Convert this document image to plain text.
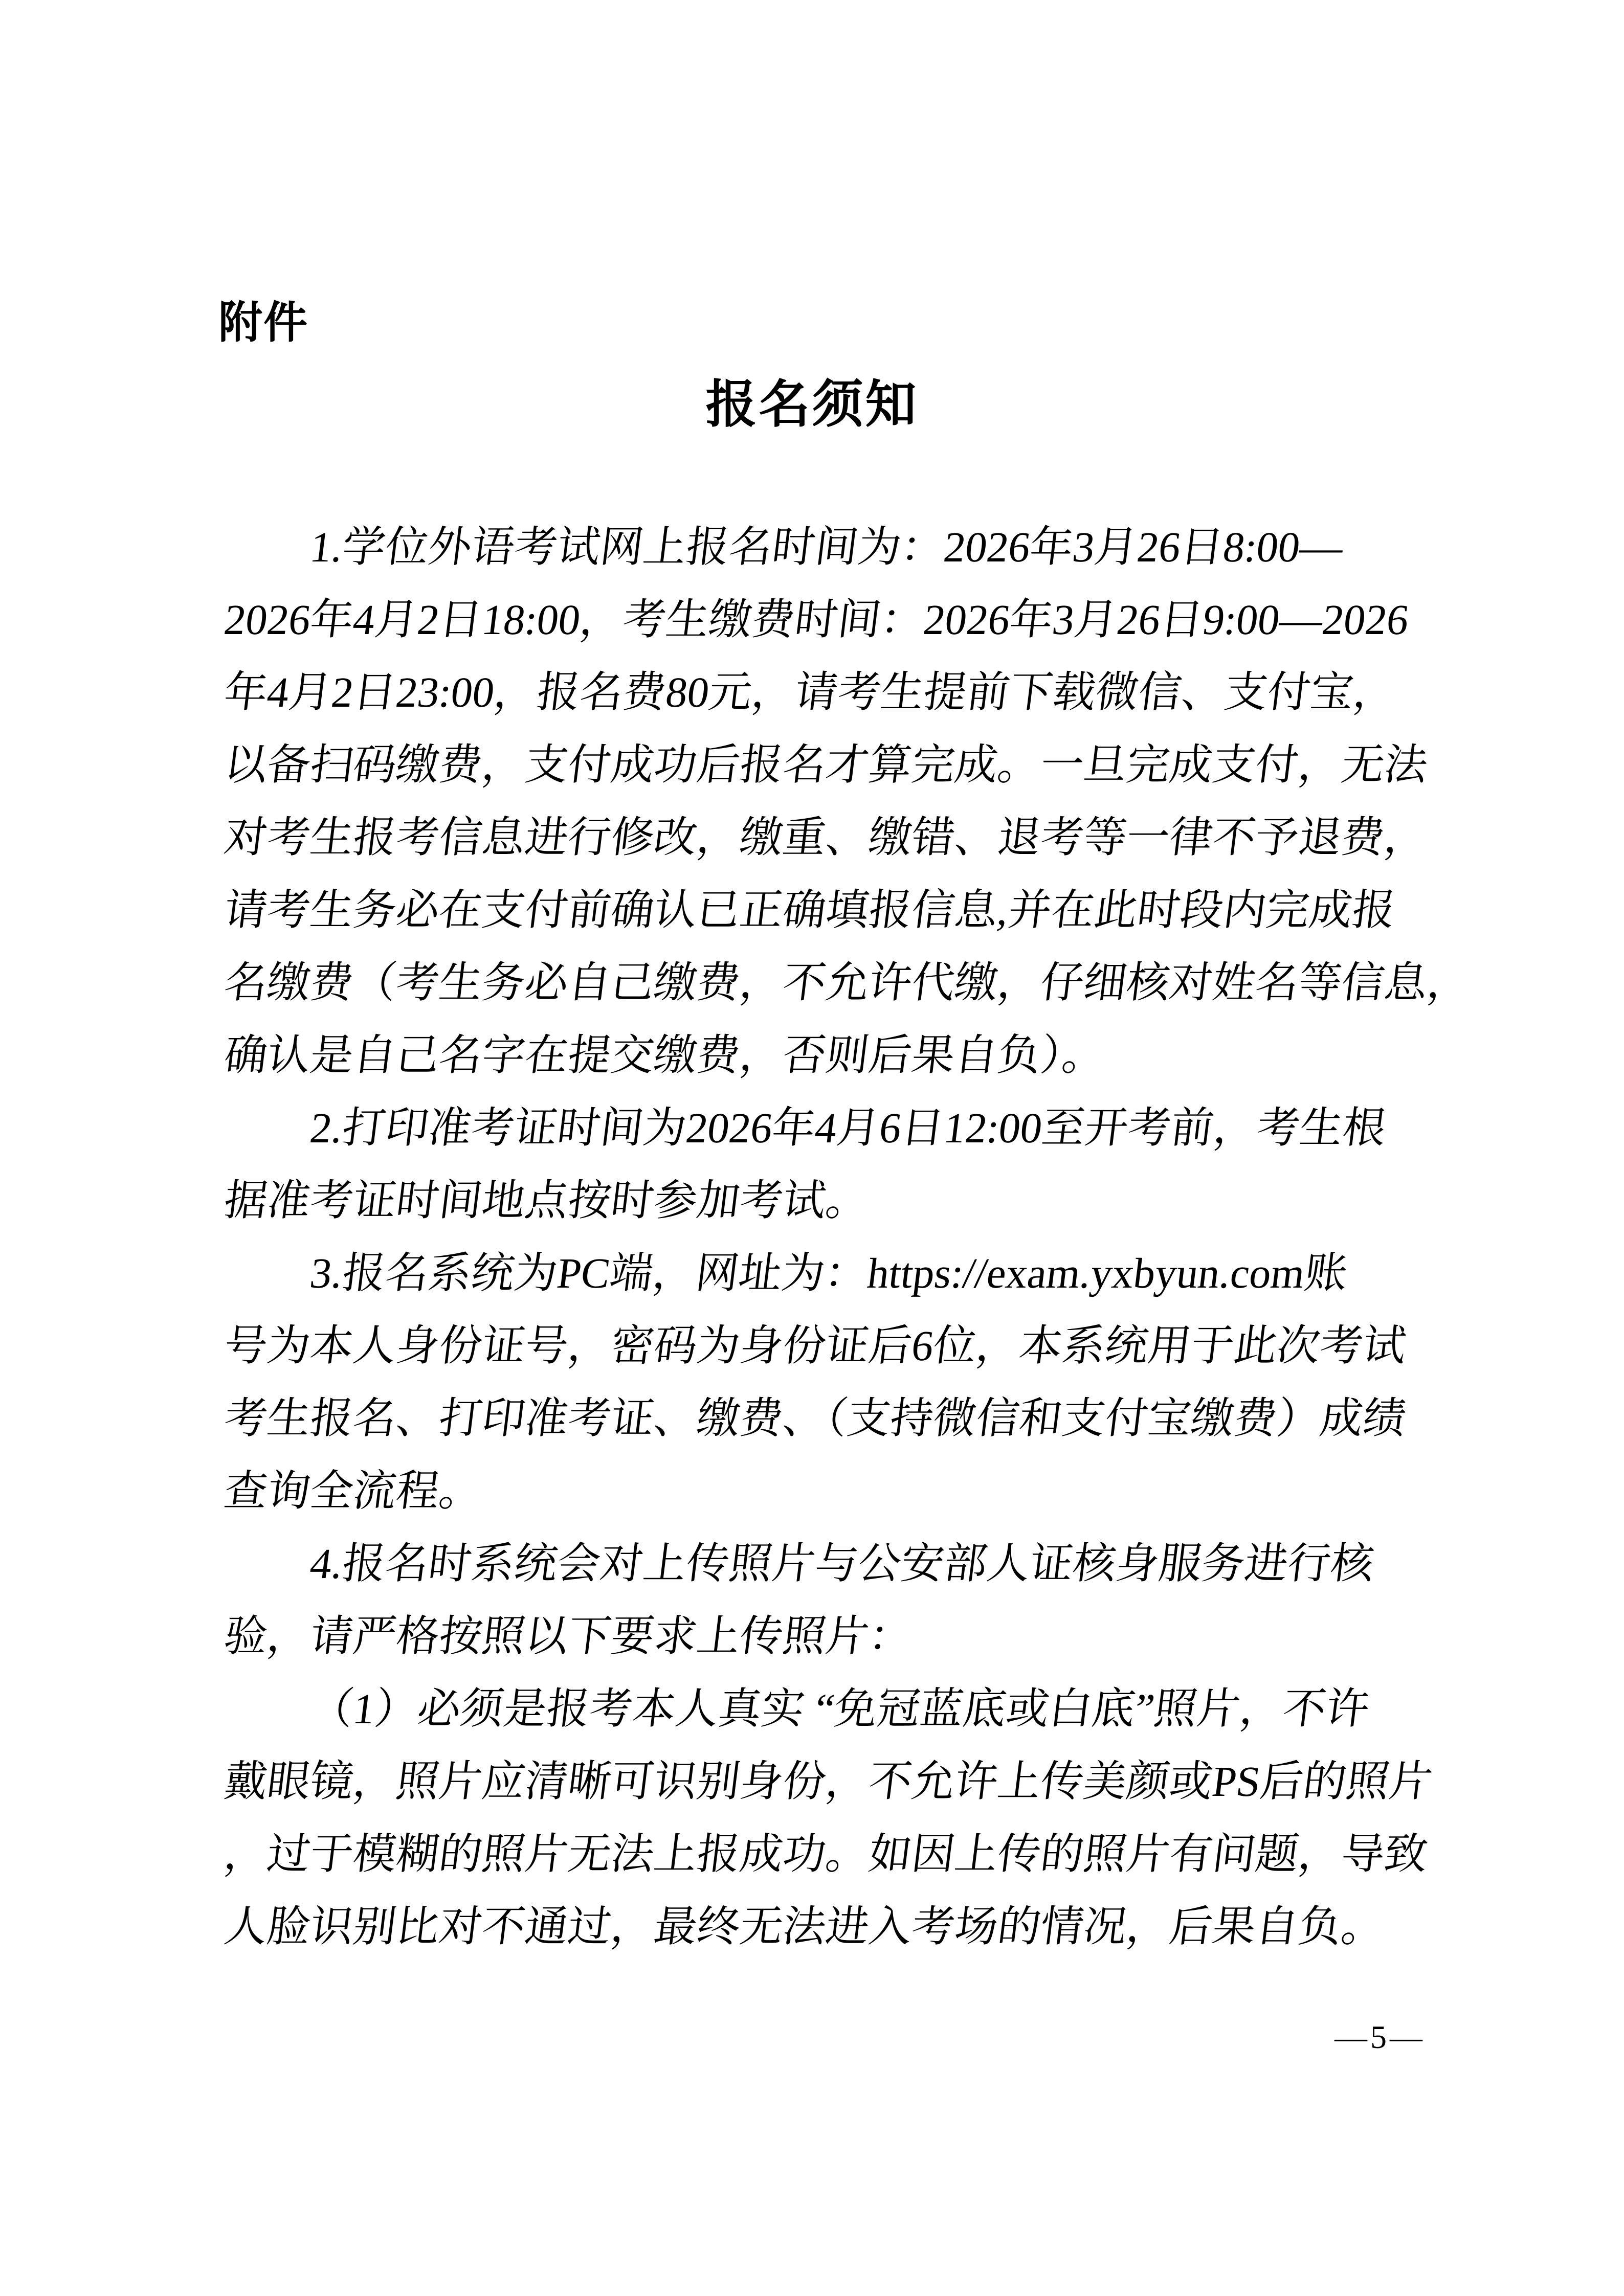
附件
报名须知
1.学位外语考试网上报名时间为：2026年3月26日8:00—
2026年4月2日18:00，考生缴费时间：2026年3月26日9:00—2026
年4月2日23:00，报名费80元，请考生提前下载微信、支付宝，
以备扫码缴费，支付成功后报名才算完成。一旦完成支付，无法
对考生报考信息进行修改，缴重、缴错、退考等一律不予退费，
请考生务必在支付前确认已正确填报信息,并在此时段内完成报
名缴费（考生务必自己缴费，不允许代缴，仔细核对姓名等信息，
确认是自己名字在提交缴费，否则后果自负）。
2.打印准考证时间为2026年4月6日12:00至开考前，考生根
据准考证时间地点按时参加考试。
3.报名系统为PC端，网址为：https://exam.yxbyun.com账
号为本人身份证号，密码为身份证后6位，本系统用于此次考试
考生报名、打印准考证、缴费、（支持微信和支付宝缴费）成绩
查询全流程。
4.报名时系统会对上传照片与公安部人证核身服务进行核
验，请严格按照以下要求上传照片：
（1）必须是报考本人真实 “免冠蓝底或白底”照片，不许
戴眼镜，照片应清晰可识别身份，不允许上传美颜或PS后的照片
，过于模糊的照片无法上报成功。如因上传的照片有问题，导致
人脸识别比对不通过，最终无法进入考场的情况，后果自负。
—5—
